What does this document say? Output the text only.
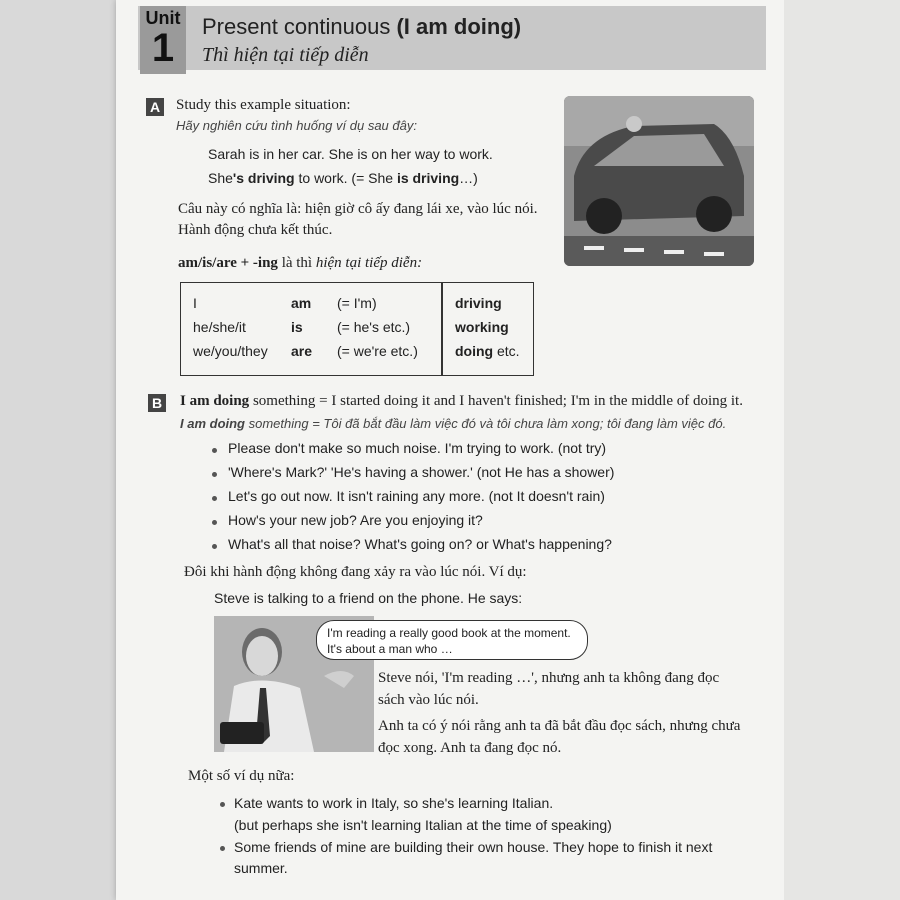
Unit
1	Present continuous (I am doing)
Thì hiện tại tiếp diễn
A Study this example situation:
Hãy nghiên cứu tình huống ví dụ sau đây:
Sarah is in her car. She is on her way to work.
She's driving to work. (= She is driving…)
Câu này có nghĩa là: hiện giờ cô ấy đang lái xe, vào lúc nói.
Hành động chưa kết thúc.
am/is/are + -ing là thì hiện tại tiếp diễn:
I	am (= I'm)	driving
he/she/it	is (= he's etc.)	working
we/you/they are (= we're etc.)	doing etc.
B I am doing something = I started doing it and I haven't finished; I'm in the middle of doing it.
I am doing something = Tôi đã bắt đầu làm việc đó và tôi chưa làm xong; tôi đang làm việc đó.
Please don't make so much noise. I'm trying to work. (not try)
'Where's Mark?' 'He's having a shower.' (not He has a shower)
Let's go out now. It isn't raining any more. (not It doesn't rain)
How's your new job? Are you enjoying it?
What's all that noise? What's going on? or What's happening?
Đôi khi hành động không đang xảy ra vào lúc nói. Ví dụ:
Steve is talking to a friend on the phone. He says:
I'm reading a really good book at the moment.
It's about a man who …
Steve nói, 'I'm reading …', nhưng anh ta không đang đọc
sách vào lúc nói.
Anh ta có ý nói rằng anh ta đã bắt đầu đọc sách, nhưng chưa
đọc xong. Anh ta đang đọc nó.
Một số ví dụ nữa:
Kate wants to work in Italy, so she's learning Italian.
(but perhaps she isn't learning Italian at the time of speaking)
Some friends of mine are building their own house. They hope to finish it next
summer.
